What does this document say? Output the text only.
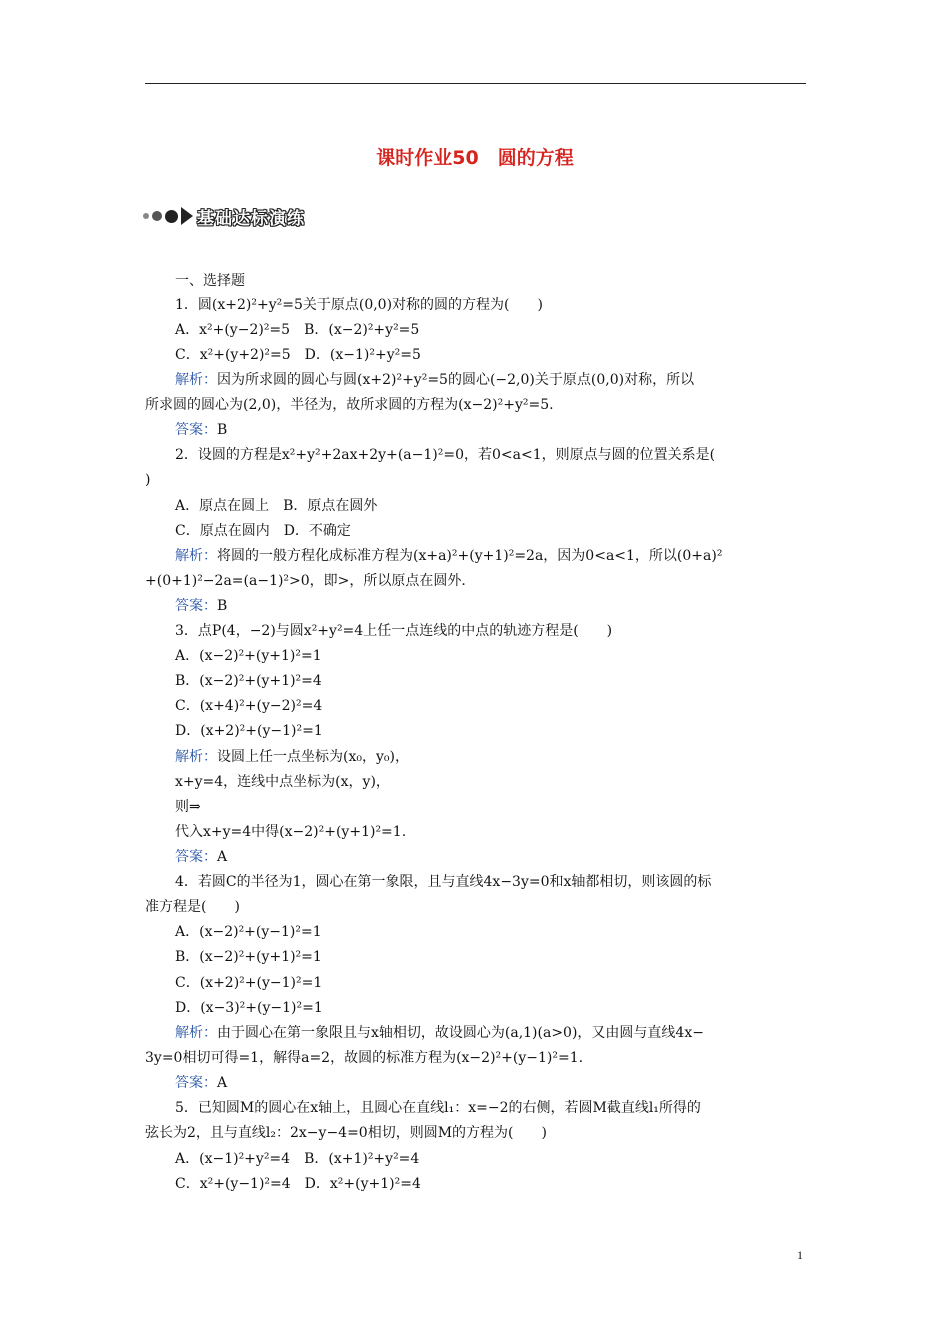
课时作业50　圆的方程
基础达标演练
一、选择题
1．圆(x+2)²+y²=5关于原点(0,0)对称的圆的方程为(　　)
A．x²+(y−2)²=5　B．(x−2)²+y²=5
C．x²+(y+2)²=5　D．(x−1)²+y²=5
解析：因为所求圆的圆心与圆(x+2)²+y²=5的圆心(−2,0)关于原点(0,0)对称，所以
所求圆的圆心为(2,0)，半径为，故所求圆的方程为(x−2)²+y²=5.
答案：B
2．设圆的方程是x²+y²+2ax+2y+(a−1)²=0，若0<a<1，则原点与圆的位置关系是(
)
A．原点在圆上　B．原点在圆外
C．原点在圆内　D．不确定
解析：将圆的一般方程化成标准方程为(x+a)²+(y+1)²=2a，因为0<a<1，所以(0+a)²
+(0+1)²−2a=(a−1)²>0，即>，所以原点在圆外.
答案：B
3．点P(4，−2)与圆x²+y²=4上任一点连线的中点的轨迹方程是(　　)
A．(x−2)²+(y+1)²=1
B．(x−2)²+(y+1)²=4
C．(x+4)²+(y−2)²=4
D．(x+2)²+(y−1)²=1
解析：设圆上任一点坐标为(x₀，y₀)，
x+y=4，连线中点坐标为(x，y)，
则⇒
代入x+y=4中得(x−2)²+(y+1)²=1.
答案：A
4．若圆C的半径为1，圆心在第一象限，且与直线4x−3y=0和x轴都相切，则该圆的标
准方程是(　　)
A．(x−2)²+(y−1)²=1
B．(x−2)²+(y+1)²=1
C．(x+2)²+(y−1)²=1
D．(x−3)²+(y−1)²=1
解析：由于圆心在第一象限且与x轴相切，故设圆心为(a,1)(a>0)，又由圆与直线4x−
3y=0相切可得=1，解得a=2，故圆的标准方程为(x−2)²+(y−1)²=1.
答案：A
5．已知圆M的圆心在x轴上，且圆心在直线l₁：x=−2的右侧，若圆M截直线l₁所得的
弦长为2，且与直线l₂：2x−y−4=0相切，则圆M的方程为(　　)
A．(x−1)²+y²=4　B．(x+1)²+y²=4
C．x²+(y−1)²=4　D．x²+(y+1)²=4
1
